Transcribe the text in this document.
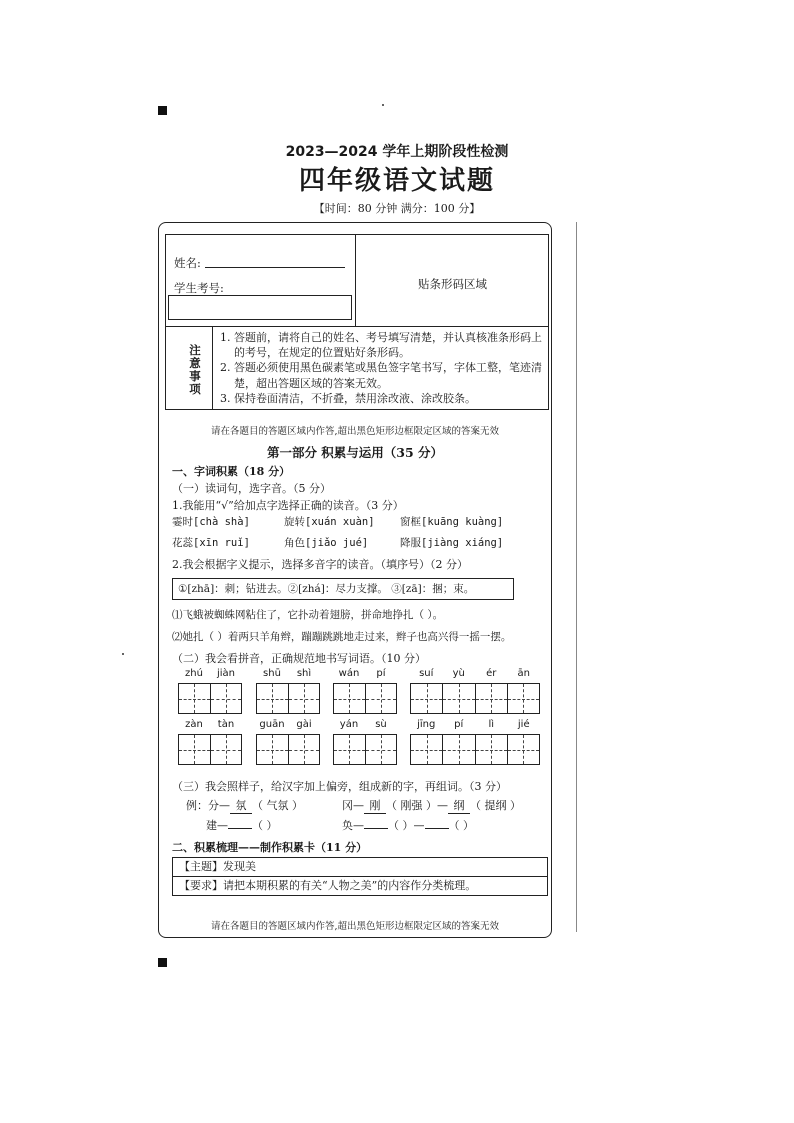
2023—2024 学年上期阶段性检测
四年级语文试题
【时间：80 分钟 满分：100 分】
姓名:
学生考号:	贴条形码区域
注意事项
1. 答题前，请将自己的姓名、考号填写清楚，并认真核准条形码上的考号，在规定的位置贴好条形码。
2. 答题必须使用黑色碳素笔或黑色签字笔书写，字体工整，笔迹清楚，超出答题区域的答案无效。
3. 保持卷面清洁，不折叠，禁用涂改液、涂改胶条。
请在各题目的答题区域内作答,超出黑色矩形边框限定区域的答案无效
第一部分 积累与运用（35 分）
一、字词积累（18 分）
（一）读词句，选字音。（5 分）
1.我能用“√”给加点字选择正确的读音。（3 分）
霎时[chà shà]	旋转[xuán xuàn] 窗框[kuāng kuàng]
花蕊[xīn ruǐ]	角色[jiǎo jué]	降服[jiàng xiáng]
2.我会根据字义提示，选择多音字的读音。（填序号）（2 分）
①[zhā]：刺；钻进去。②[zhá]：尽力支撑。 ③[zā]：捆；束。
⑴飞蛾被蜘蛛网粘住了，它扑动着翅膀，拼命地挣扎（ ）。
⑵她扎（ ）着两只羊角辫，蹦蹦跳跳地走过来，辫子也高兴得一摇一摆。
（二）我会看拼音，正确规范地书写词语。（10 分）
zhú	jiàn	shū	shì	wán	pí	suí	yù	ér	ān
zàn	tàn	guān	gài	yán	sù	jīng	pí	lì	jié
（三）我会照样子，给汉字加上偏旁，组成新的字，再组词。（3 分）
例：分— 氛 （ 气氛 ）	冈— 刚 （ 刚强 ）— 纲 （ 提纲 ）
建— （ ）	奂— （ ）— （ ）
二、积累梳理——制作积累卡（11 分）
【主题】发现美
【要求】请把本期积累的有关“人物之美”的内容作分类梳理。
请在各题目的答题区域内作答,超出黑色矩形边框限定区域的答案无效
